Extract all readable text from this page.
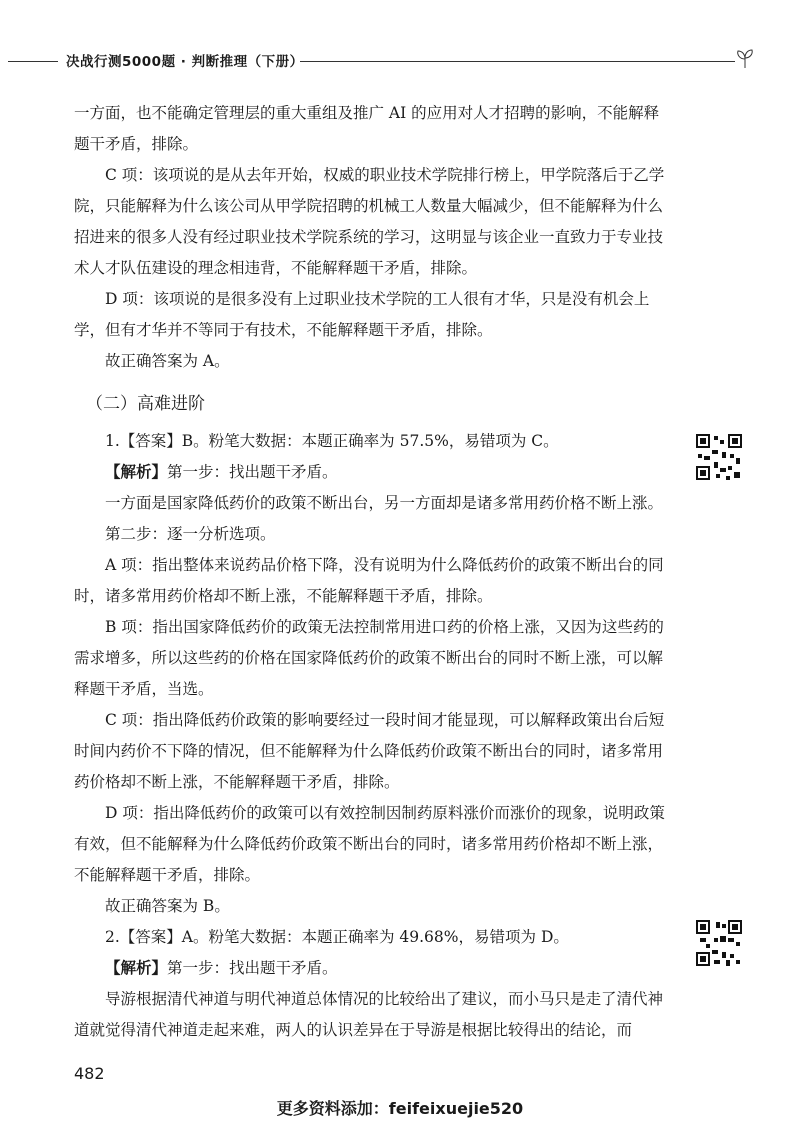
决战行测5000题 · 判断推理（下册）

一方面，也不能确定管理层的重大重组及推广 AI 的应用对人才招聘的影响，不能解释题干矛盾，排除。

C 项：该项说的是从去年开始，权威的职业技术学院排行榜上，甲学院落后于乙学院，只能解释为什么该公司从甲学院招聘的机械工人数量大幅减少，但不能解释为什么招进来的很多人没有经过职业技术学院系统的学习，这明显与该企业一直致力于专业技术人才队伍建设的理念相违背，不能解释题干矛盾，排除。

D 项：该项说的是很多没有上过职业技术学院的工人很有才华，只是没有机会上学，但有才华并不等同于有技术，不能解释题干矛盾，排除。

故正确答案为 A。

（二）高难进阶

1.【答案】B。粉笔大数据：本题正确率为 57.5%，易错项为 C。

【解析】第一步：找出题干矛盾。

一方面是国家降低药价的政策不断出台，另一方面却是诸多常用药价格不断上涨。

第二步：逐一分析选项。

A 项：指出整体来说药品价格下降，没有说明为什么降低药价的政策不断出台的同时，诸多常用药价格却不断上涨，不能解释题干矛盾，排除。

B 项：指出国家降低药价的政策无法控制常用进口药的价格上涨，又因为这些药的需求增多，所以这些药的价格在国家降低药价的政策不断出台的同时不断上涨，可以解释题干矛盾，当选。

C 项：指出降低药价政策的影响要经过一段时间才能显现，可以解释政策出台后短时间内药价不下降的情况，但不能解释为什么降低药价政策不断出台的同时，诸多常用药价格却不断上涨，不能解释题干矛盾，排除。

D 项：指出降低药价的政策可以有效控制因制药原料涨价而涨价的现象，说明政策有效，但不能解释为什么降低药价政策不断出台的同时，诸多常用药价格却不断上涨，不能解释题干矛盾，排除。

故正确答案为 B。

2.【答案】A。粉笔大数据：本题正确率为 49.68%，易错项为 D。

【解析】第一步：找出题干矛盾。

导游根据清代神道与明代神道总体情况的比较给出了建议，而小马只是走了清代神道就觉得清代神道走起来难，两人的认识差异在于导游是根据比较得出的结论，而

482
更多资料添加：feifeixuejie520
